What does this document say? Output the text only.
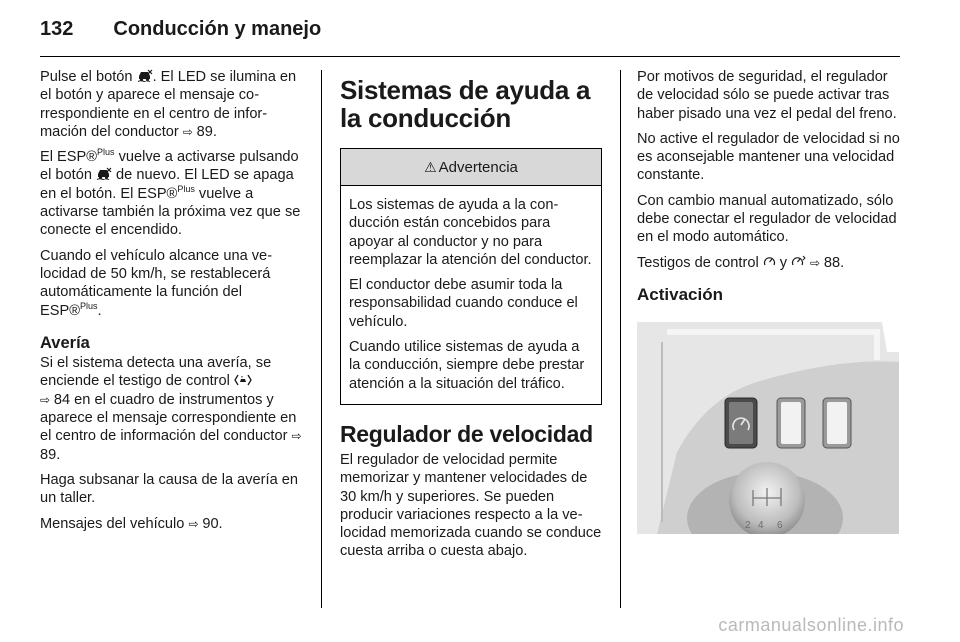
132 Conducción y manejo

Pulse el botón . El LED se ilumina en el botón y aparece el mensaje correspondiente en el centro de información del conductor ⇨ 89.

El ESP®$^{Plus}$ vuelve a activarse pulsando el botón  de nuevo. El LED se apaga en el botón. El ESP®$^{Plus}$ vuelve a activarse también la próxima vez que se conecte el encendido.

Cuando el vehículo alcance una velocidad de 50 km/h, se restablecerá automáticamente la función del ESP®$^{Plus}$.

Avería

Si el sistema detecta una avería, se enciende el testigo de control
⇨ 84 en el cuadro de instrumentos y aparece el mensaje correspondiente en el centro de información del conductor ⇨ 89.

Haga subsanar la causa de la avería en un taller.

Mensajes del vehículo ⇨ 90.

Sistemas de ayuda a la conducción
⚠ Advertencia

Los sistemas de ayuda a la conducción están concebidos para apoyar al conductor y no para reemplazar la atención del conductor.

El conductor debe asumir toda la responsabilidad cuando conduce el vehículo.

Cuando utilice sistemas de ayuda a la conducción, siempre debe prestar atención a la situación del tráfico.

Regulador de velocidad

El regulador de velocidad permite memorizar y mantener velocidades de 30 km/h y superiores. Se pueden producir variaciones respecto a la velocidad memorizada cuando se conduce cuesta arriba o cuesta abajo.

Por motivos de seguridad, el regulador de velocidad sólo se puede activar tras haber pisado una vez el pedal del freno.

No active el regulador de velocidad si no es aconsejable mantener una velocidad constante.

Con cambio manual automatizado, sólo debe conectar el regulador de velocidad en el modo automático.

Testigos de control  y  ⇨ 88.

Activación
2 4 6
carmanualsonline.info
